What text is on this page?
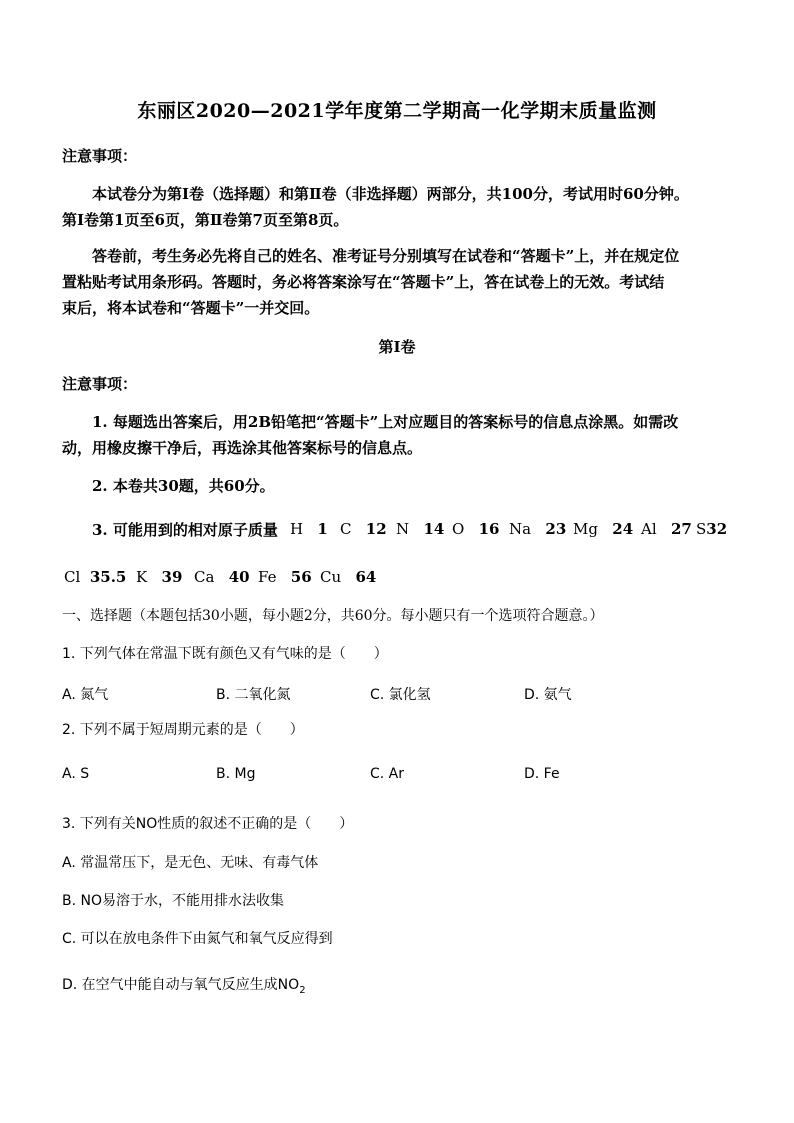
东丽区2020—2021学年度第二学期高一化学期末质量监测
注意事项：
本试卷分为第Ⅰ卷（选择题）和第Ⅱ卷（非选择题）两部分，共100分，考试用时60分钟。
第Ⅰ卷第1页至6页，第Ⅱ卷第7页至第8页。
答卷前，考生务必先将自己的姓名、准考证号分别填写在试卷和“答题卡”上，并在规定位
置粘贴考试用条形码。答题时，务必将答案涂写在“答题卡”上，答在试卷上的无效。考试结
束后，将本试卷和“答题卡”一并交回。
第Ⅰ卷
注意事项：
1. 每题选出答案后，用2B铅笔把“答题卡”上对应题目的答案标号的信息点涂黑。如需改
动，用橡皮擦干净后，再选涂其他答案标号的信息点。
2. 本卷共30题，共60分。
3. 可能用到的相对原子质量 H 1 C 12 N 14 O 16 Na 23 Mg 24 Al 27 S32
Cl 35.5 K 39 Ca 40 Fe 56 Cu 64
一、选择题（本题包括30小题，每小题2分，共60分。每小题只有一个选项符合题意。）
1. 下列气体在常温下既有颜色又有气味的是（　　）
A. 氮气	B. 二氧化氮	C. 氯化氢	D. 氨气
2. 下列不属于短周期元素的是（　　）
A. S	B. Mg	C. Ar	D. Fe
3. 下列有关NO性质的叙述不正确的是（　　）
A. 常温常压下，是无色、无味、有毒气体
B. NO易溶于水，不能用排水法收集
C. 可以在放电条件下由氮气和氧气反应得到
D. 在空气中能自动与氧气反应生成$NO_2$
